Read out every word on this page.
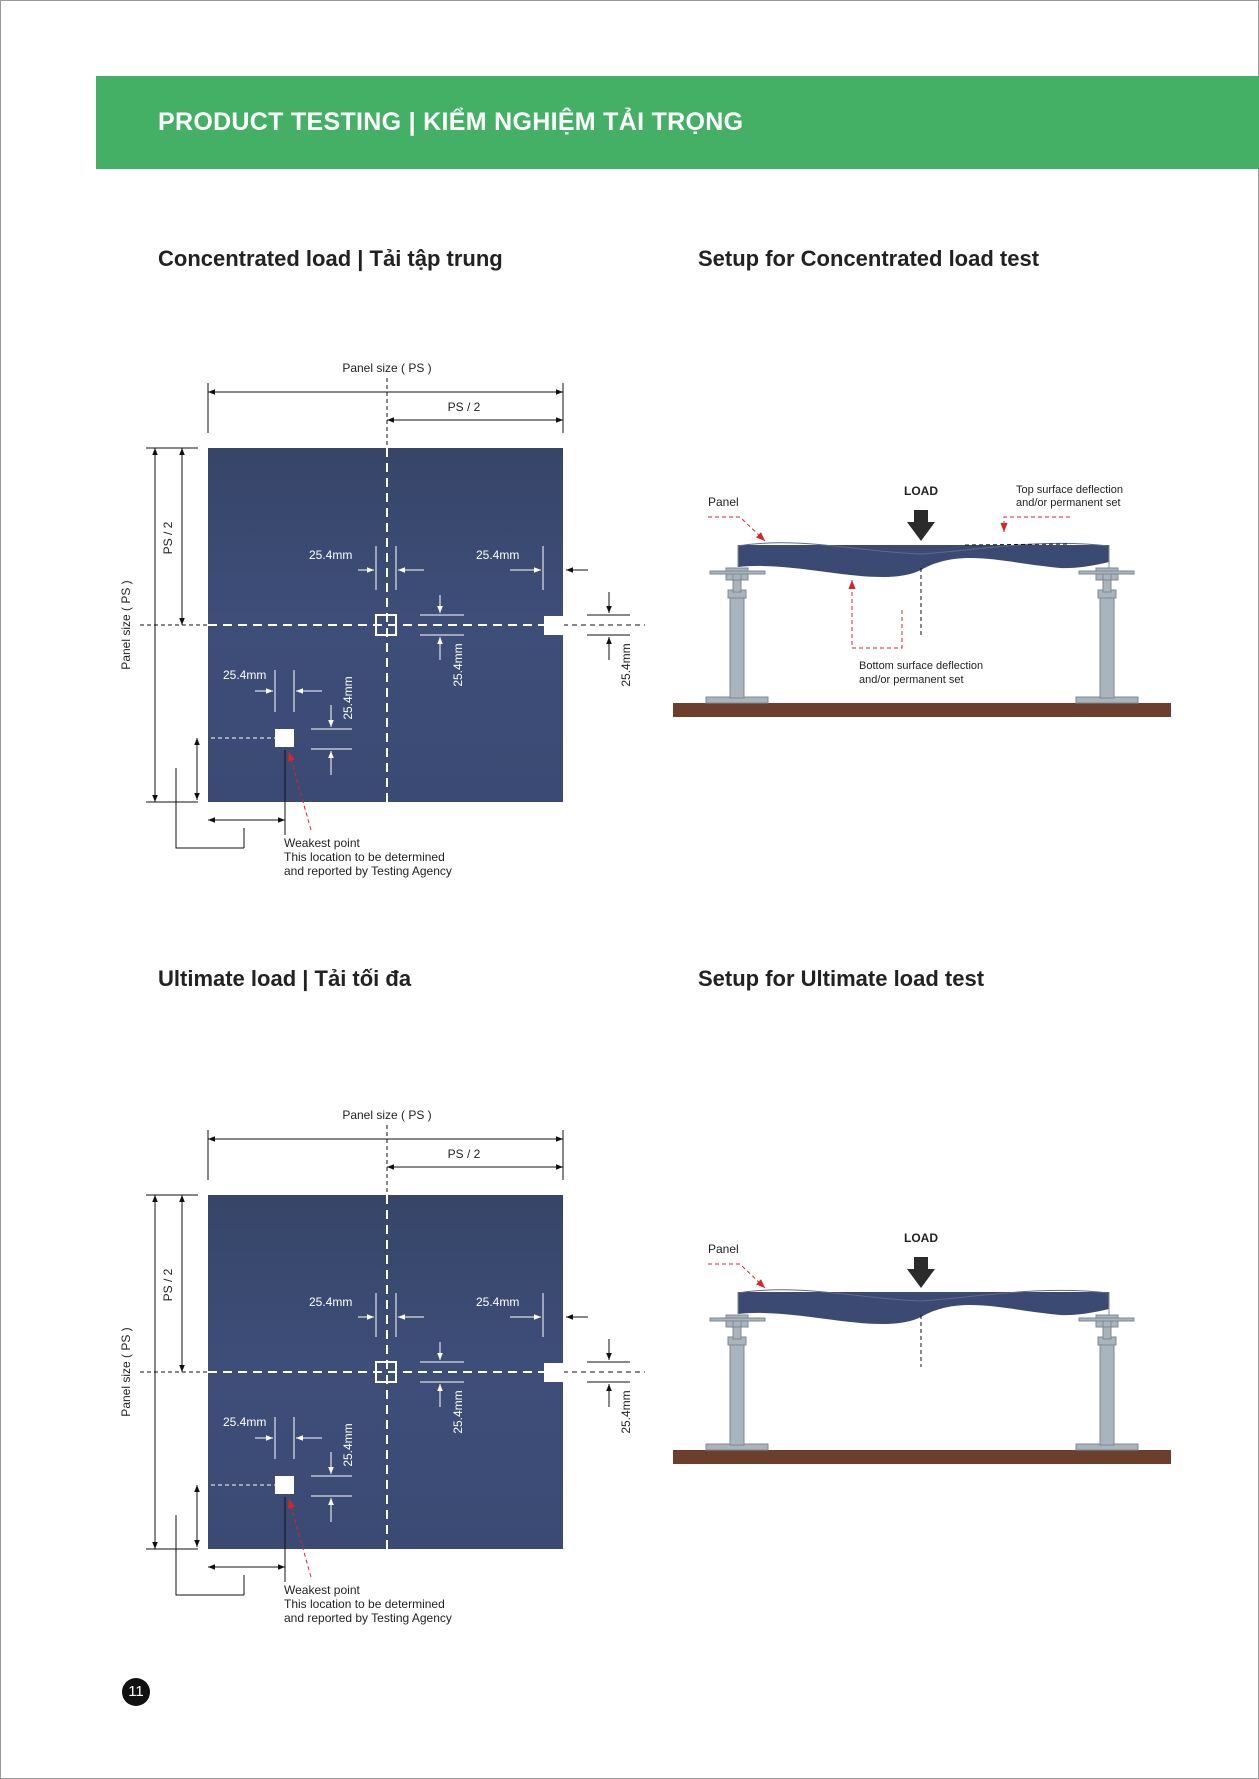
PRODUCT TESTING | KIỂM NGHIỆM TẢI TRỌNG
Concentrated load | Tải tập trung	Setup for Concentrated load test
Ultimate load | Tải tối đa	Setup for Ultimate load test
Panel size ( PS )
PS / 2
Panel size ( PS )
PS / 2
25.4mm	25.4mm
25.4mm	25.4mm
25.4mm
25.4mm
Weakest point
This location to be determined
and reported by Testing Agency
LOAD
Panel
Top surface deflection
and/or permanent set
Bottom surface deflection
and/or permanent set
Panel size ( PS )
PS / 2
Panel size ( PS )
PS / 2
25.4mm	25.4mm
25.4mm	25.4mm
25.4mm
25.4mm
Weakest point
This location to be determined
and reported by Testing Agency
LOAD
Panel
11
